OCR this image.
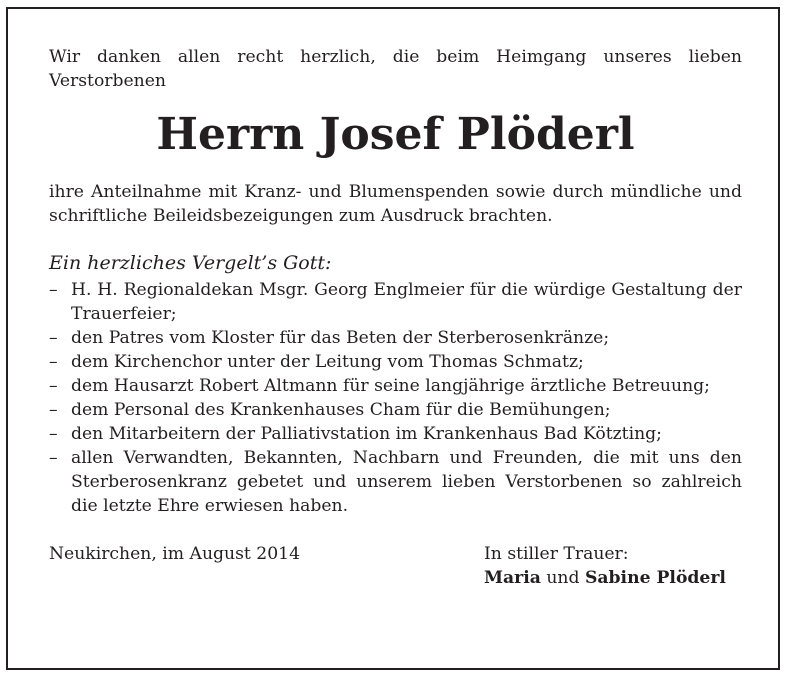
Wir danken allen recht herzlich, die beim Heimgang unseres lieben Verstorbenen

Herrn Josef Plöderl

ihre Anteilnahme mit Kranz- und Blumenspenden sowie durch mündliche und schriftliche Beileidsbezeigungen zum Ausdruck brachten.

Ein herzliches Vergelt’s Gott:
– H. H. Regionaldekan Msgr. Georg Englmeier für die würdige Gestaltung der Trauerfeier;
– den Patres vom Kloster für das Beten der Sterberosenkränze;
– dem Kirchenchor unter der Leitung vom Thomas Schmatz;
– dem Hausarzt Robert Altmann für seine langjährige ärztliche Betreuung;
– dem Personal des Krankenhauses Cham für die Bemühungen;
– den Mitarbeitern der Palliativstation im Krankenhaus Bad Kötzting;
– allen Verwandten, Bekannten, Nachbarn und Freunden, die mit uns den Sterberosenkranz gebetet und unserem lieben Verstorbenen so zahlreich die letzte Ehre erwiesen haben.
Neukirchen, im August 2014	In stiller Trauer:
Maria und Sabine Plöderl
